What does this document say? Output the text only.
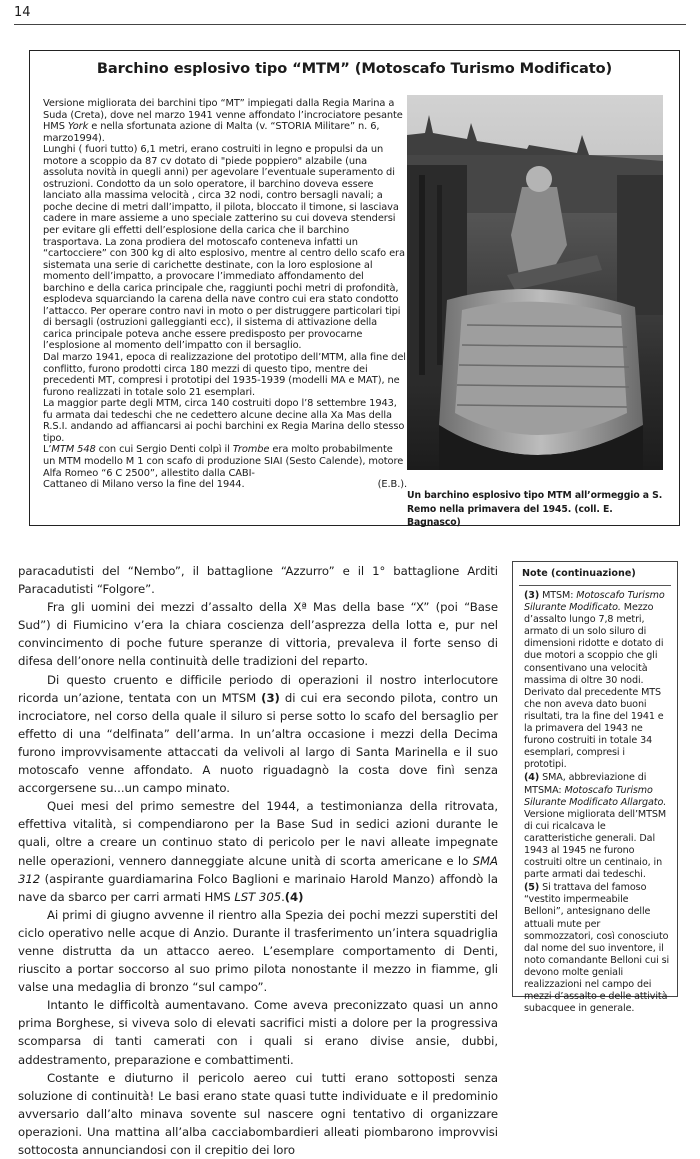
14
Barchino esplosivo tipo “MTM” (Motoscafo Turismo Modificato)

Versione migliorata dei barchini tipo “MT” impiegati dalla Regia Marina a Suda (Creta), dove nel marzo 1941 venne affondato l’incrociatore pesante HMS York e nella sfortunata azione di Malta (v. “STORIA Militare” n. 6, marzo1994).

Lunghi ( fuori tutto) 6,1 metri, erano costruiti in legno e propulsi da un motore a scoppio da 87 cv dotato di "piede poppiero" alzabile (una assoluta novità in quegli anni) per agevolare l’eventuale superamento di ostruzioni. Condotto da un solo operatore, il barchino doveva essere lanciato alla massima velocità , circa 32 nodi, contro bersagli navali; a poche decine di metri dall’impatto, il pilota, bloccato il timone, si lasciava cadere in mare assieme a uno speciale zatterino su cui doveva stendersi per evitare gli effetti dell’esplosione della carica che il barchino trasportava. La zona prodiera del motoscafo conteneva infatti un “cartocciere” con 300 kg di alto esplosivo, mentre al centro dello scafo era sistemata una serie di carichette destinate, con la loro esplosione al momento dell’impatto, a provocare l’immediato affondamento del barchino e della carica principale che, raggiunti pochi metri di profondità, esplodeva squarciando la carena della nave contro cui era stato condotto l’attacco. Per operare contro navi in moto o per distruggere particolari tipi di bersagli (ostruzioni galleggianti ecc), il sistema di attivazione della carica principale poteva anche essere predisposto per provocarne l’esplosione al momento dell’impatto con il bersaglio.

Dal marzo 1941, epoca di realizzazione del prototipo dell’MTM, alla fine del conflitto, furono prodotti circa 180 mezzi di questo tipo, mentre dei precedenti MT, compresi i prototipi del 1935-1939 (modelli MA e MAT), ne furono realizzati in totale solo 21 esemplari.

La maggior parte degli MTM, circa 140 costruiti dopo l’8 settembre 1943, fu armata dai tedeschi che ne cedettero alcune decine alla Xa Mas della R.S.I. andando ad affiancarsi ai pochi barchini ex Regia Marina dello stesso tipo.

L’MTM 548 con cui Sergio Denti colpì il Trombe era molto probabilmente un MTM modello M 1 con scafo di produzione SIAI (Sesto Calende), motore Alfa Romeo “6 C 2500”, allestito dalla CABI-

Cattaneo di Milano verso la fine del 1944.	(E.B.).
Un barchino esplosivo tipo MTM all’ormeggio a S. Remo nella primavera del 1945. (coll. E. Bagnasco)

paracadutisti del “Nembo”, il battaglione “Azzurro” e il 1° battaglione Arditi Paracadutisti “Folgore”.

Fra gli uomini dei mezzi d’assalto della Xª Mas della base “X” (poi “Base Sud”) di Fiumicino v’era la chiara coscienza dell’asprezza della lotta e, pur nel convincimento di poche future speranze di vittoria, prevaleva il forte senso di difesa dell’onore nella continuità delle tradizioni del reparto.

Di questo cruento e difficile periodo di operazioni il nostro interlocutore ricorda un’azione, tentata con un MTSM (3) di cui era secondo pilota, contro un incrociatore, nel corso della quale il siluro si perse sotto lo scafo del bersaglio per effetto di una “delfinata” dell’arma. In un’altra occasione i mezzi della Decima furono improvvisamente attaccati da velivoli al largo di Santa Marinella e il suo motoscafo venne affondato. A nuoto riguadagnò la costa dove finì senza accorgersene su...un campo minato.

Quei mesi del primo semestre del 1944, a testimonianza della ritrovata, effettiva vitalità, si compendiarono per la Base Sud in sedici azioni durante le quali, oltre a creare un continuo stato di pericolo per le navi alleate impegnate nelle operazioni, vennero danneggiate alcune unità di scorta americane e lo SMA 312 (aspirante guardiamarina Folco Baglioni e marinaio Harold Manzo) affondò la nave da sbarco per carri armati HMS LST 305.(4)

Ai primi di giugno avvenne il rientro alla Spezia dei pochi mezzi superstiti del ciclo operativo nelle acque di Anzio. Durante il trasferimento un’intera squadriglia venne distrutta da un attacco aereo. L’esemplare comportamento di Denti, riuscito a portar soccorso al suo primo pilota nonostante il mezzo in fiamme, gli valse una medaglia di bronzo “sul campo”.

Intanto le difficoltà aumentavano. Come aveva preconizzato quasi un anno prima Borghese, si viveva solo di elevati sacrifici misti a dolore per la progressiva scomparsa di tanti camerati con i quali si erano divise ansie, dubbi, addestramento, preparazione e combattimenti.

Costante e diuturno il pericolo aereo cui tutti erano sottoposti senza soluzione di continuità! Le basi erano state quasi tutte individuate e il predominio avversario dall’alto minava sovente sul nascere ogni tentativo di organizzare operazioni. Una mattina all’alba cacciabombardieri alleati piombarono improvvisi sottocosta annunciandosi con il crepitio dei loro

Note (continuazione)

(3) MTSM: Motoscafo Turismo Silurante Modificato. Mezzo d’assalto lungo 7,8 metri, armato di un solo siluro di dimensioni ridotte e dotato di due motori a scoppio che gli consentivano una velocità massima di oltre 30 nodi. Derivato dal precedente MTS che non aveva dato buoni risultati, tra la fine del 1941 e la primavera del 1943 ne furono costruiti in totale 34 esemplari, compresi i prototipi.

(4) SMA, abbreviazione di MTSMA: Motoscafo Turismo Silurante Modificato Allargato. Versione migliorata dell’MTSM di cui ricalcava le caratteristiche generali. Dal 1943 al 1945 ne furono costruiti oltre un centinaio, in parte armati dai tedeschi.

(5) Si trattava del famoso “vestito impermeabile Belloni”, antesignano delle attuali mute per sommozzatori, così conosciuto dal nome del suo inventore, il noto comandante Belloni cui si devono molte geniali realizzazioni nel campo dei mezzi d’assalto e delle attività subacquee in generale.
